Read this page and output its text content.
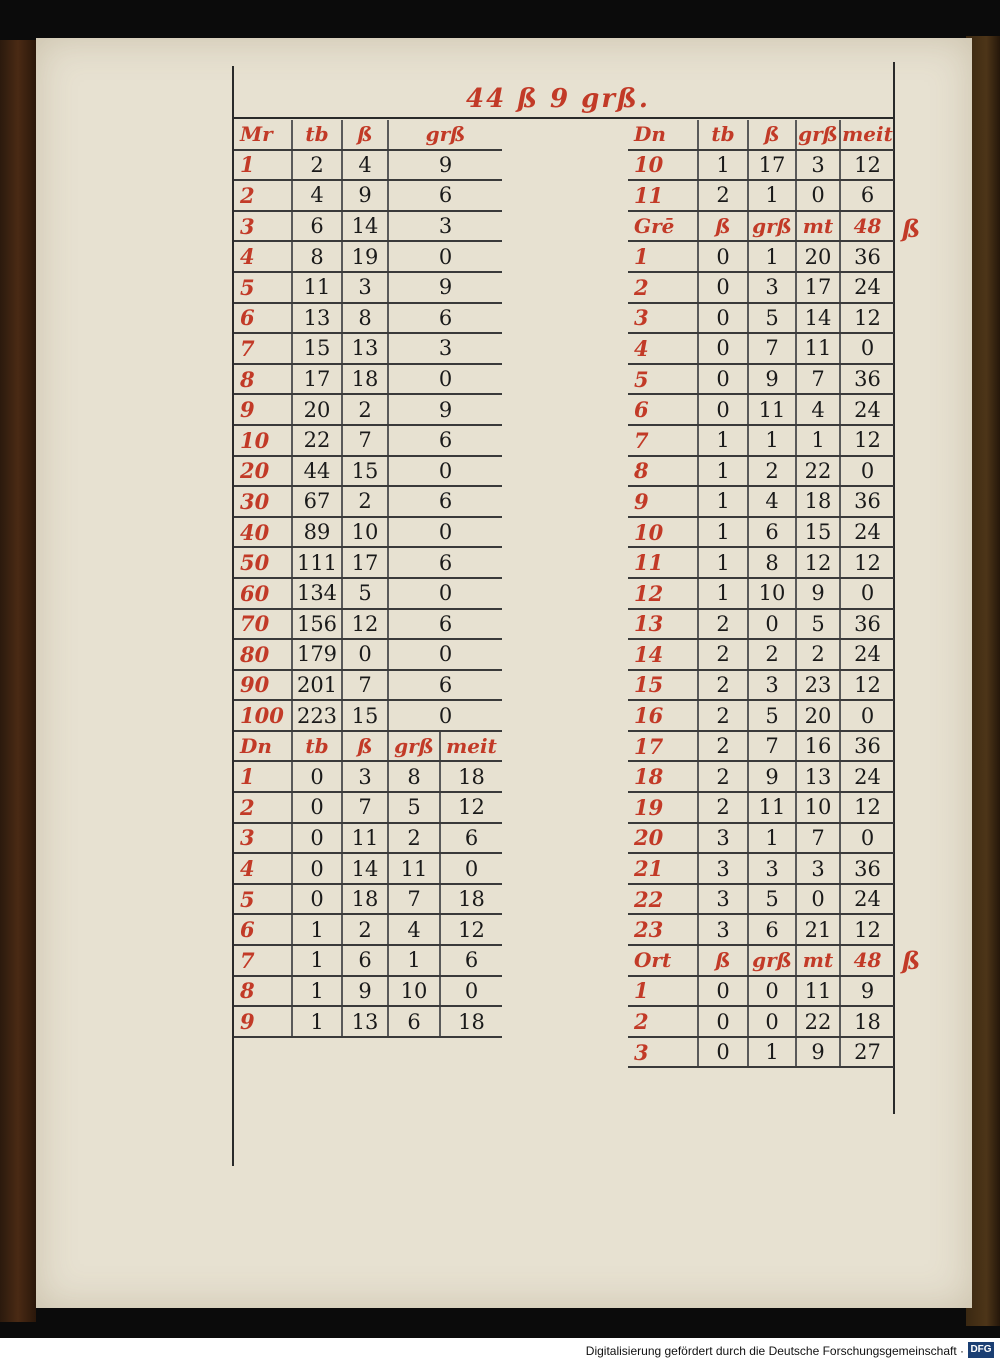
44 ß 9 grß.
Mr	tb	ß	grß	
1	2	4	9	
2	4	9	6	
3	6	14	3	
4	8	19	0	
5	11	3	9	
6	13	8	6	
7	15	13	3	
8	17	18	0	
9	20	2	9	
10	22	7	6	
20	44	15	0	
30	67	2	6	
40	89	10	0	
50	111	17	6	
60	134	5	0	
70	156	12	6	
80	179	0	0	
90	201	7	6	
100	223	15	0	
Dn	tb	ß	grß	meit
1	0	3	8	18
2	0	7	5	12
3	0	11	2	6
4	0	14	11	0
5	0	18	7	18
6	1	2	4	12
7	1	6	1	6
8	1	9	10	0
9	1	13	6	18
Dn	tb	ß	grß	meit
10	1	17	3	12
11	2	1	0	6
Grē	ß	grß	mt	48
1	0	1	20	36
2	0	3	17	24
3	0	5	14	12
4	0	7	11	0
5	0	9	7	36
6	0	11	4	24
7	1	1	1	12
8	1	2	22	0
9	1	4	18	36
10	1	6	15	24
11	1	8	12	12
12	1	10	9	0
13	2	0	5	36
14	2	2	2	24
15	2	3	23	12
16	2	5	20	0
17	2	7	16	36
18	2	9	13	24
19	2	11	10	12
20	3	1	7	0
21	3	3	3	36
22	3	5	0	24
23	3	6	21	12
Ort	ß	grß	mt	48
1	0	0	11	9
2	0	0	22	18
3	0	1	9	27
ß
ß
Digitalisierung gefördert durch die Deutsche Forschungsgemeinschaft · DFG
